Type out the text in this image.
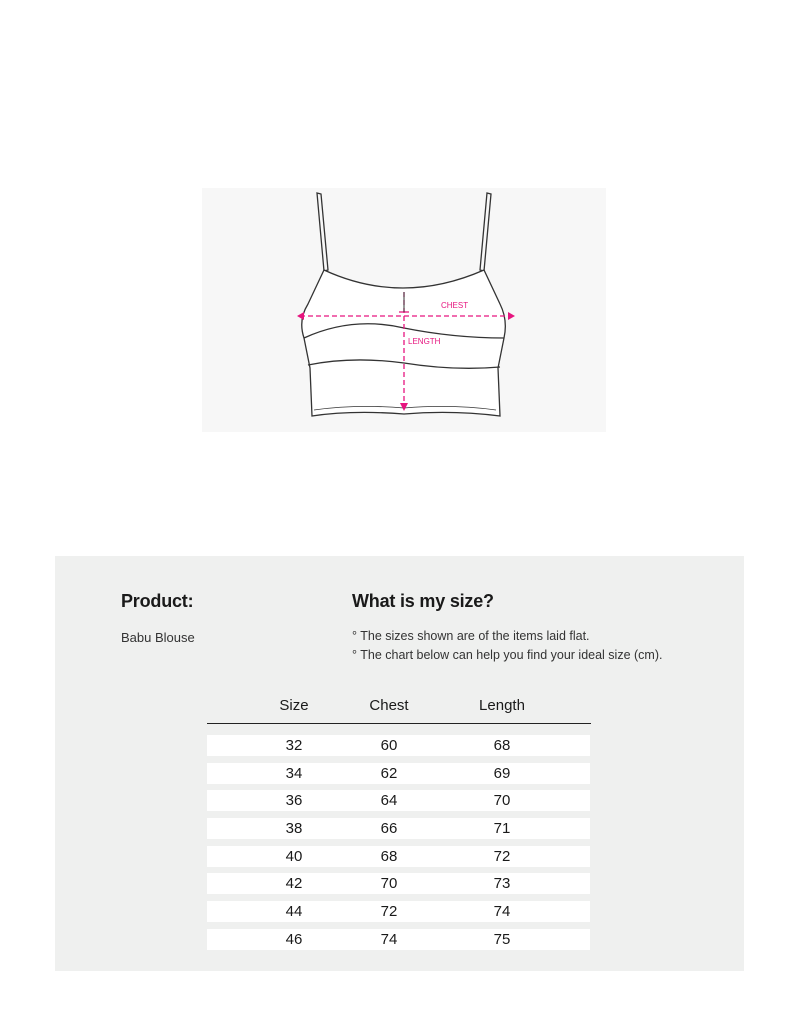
CHEST
LENGTH
Product:
Babu Blouse
What is my size?
° The sizes shown are of the items laid flat.
° The chart below can help you find your ideal size (cm).
Size	Chest	Length
32	60	68
34	62	69
36	64	70
38	66	71
40	68	72
42	70	73
44	72	74
46	74	75
